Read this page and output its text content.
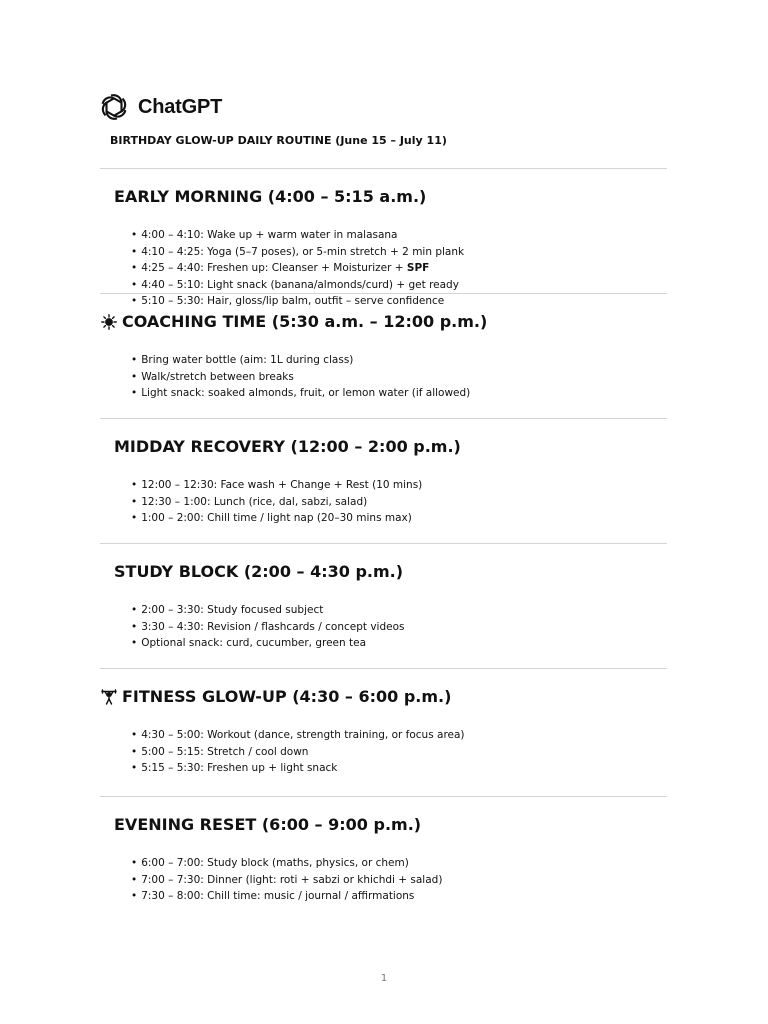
ChatGPT
BIRTHDAY GLOW-UP DAILY ROUTINE (June 15 – July 11)
EARLY MORNING (4:00 – 5:15 a.m.)
• 4:00 – 4:10: Wake up + warm water in malasana
• 4:10 – 4:25: Yoga (5–7 poses), or 5-min stretch + 2 min plank
• 4:25 – 4:40: Freshen up: Cleanser + Moisturizer + SPF
• 4:40 – 5:10: Light snack (banana/almonds/curd) + get ready
• 5:10 – 5:30: Hair, gloss/lip balm, outfit – serve confidence
COACHING TIME (5:30 a.m. – 12:00 p.m.)
• Bring water bottle (aim: 1L during class)
• Walk/stretch between breaks
• Light snack: soaked almonds, fruit, or lemon water (if allowed)
MIDDAY RECOVERY (12:00 – 2:00 p.m.)
• 12:00 – 12:30: Face wash + Change + Rest (10 mins)
• 12:30 – 1:00: Lunch (rice, dal, sabzi, salad)
• 1:00 – 2:00: Chill time / light nap (20–30 mins max)
STUDY BLOCK (2:00 – 4:30 p.m.)
• 2:00 – 3:30: Study focused subject
• 3:30 – 4:30: Revision / flashcards / concept videos
• Optional snack: curd, cucumber, green tea
FITNESS GLOW-UP (4:30 – 6:00 p.m.)
• 4:30 – 5:00: Workout (dance, strength training, or focus area)
• 5:00 – 5:15: Stretch / cool down
• 5:15 – 5:30: Freshen up + light snack
EVENING RESET (6:00 – 9:00 p.m.)
• 6:00 – 7:00: Study block (maths, physics, or chem)
• 7:00 – 7:30: Dinner (light: roti + sabzi or khichdi + salad)
• 7:30 – 8:00: Chill time: music / journal / affirmations
1
